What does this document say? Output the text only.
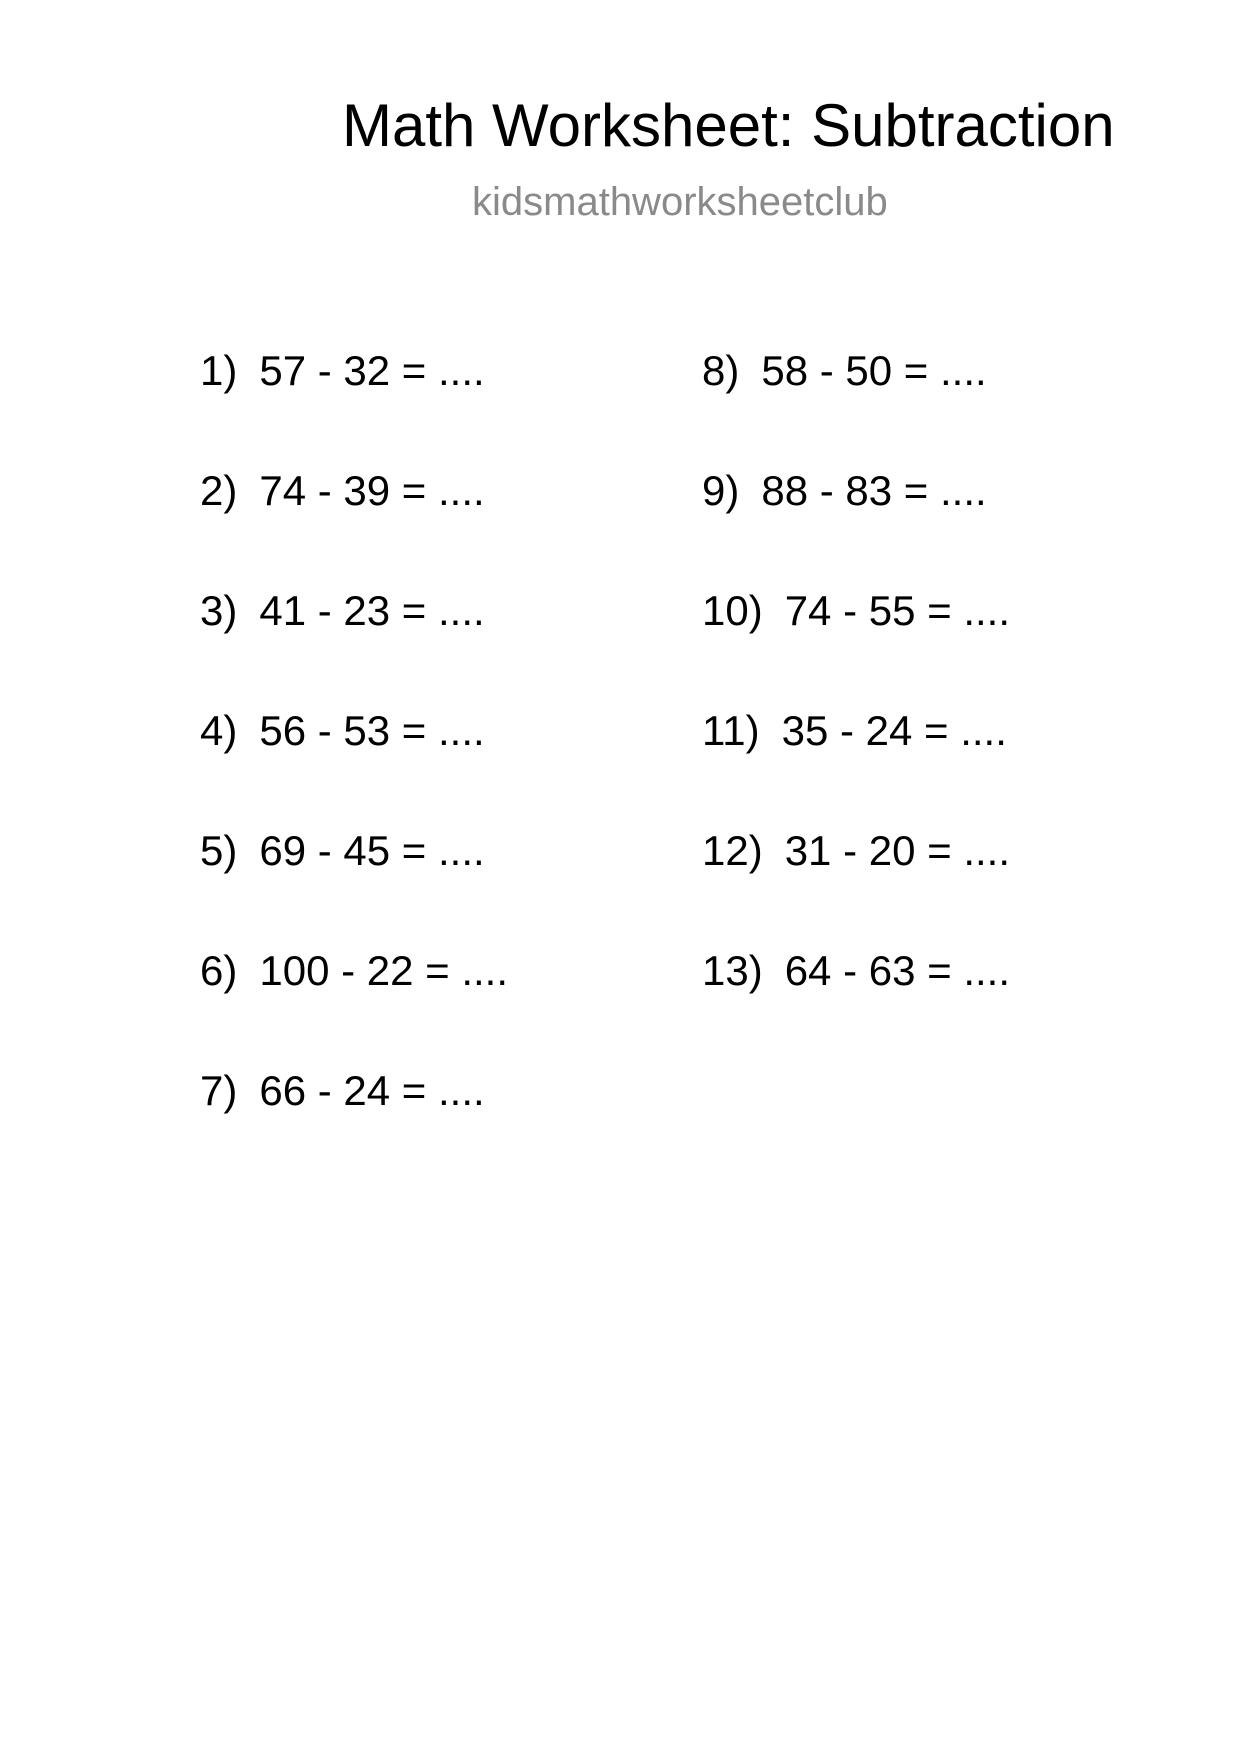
Math Worksheet: Subtraction
kidsmathworksheetclub
1) 57 - 32 = ....
2) 74 - 39 = ....
3) 41 - 23 = ....
4) 56 - 53 = ....
5) 69 - 45 = ....
6) 100 - 22 = ....
7) 66 - 24 = ....
8) 58 - 50 = ....
9) 88 - 83 = ....
10) 74 - 55 = ....
11) 35 - 24 = ....
12) 31 - 20 = ....
13) 64 - 63 = ....
